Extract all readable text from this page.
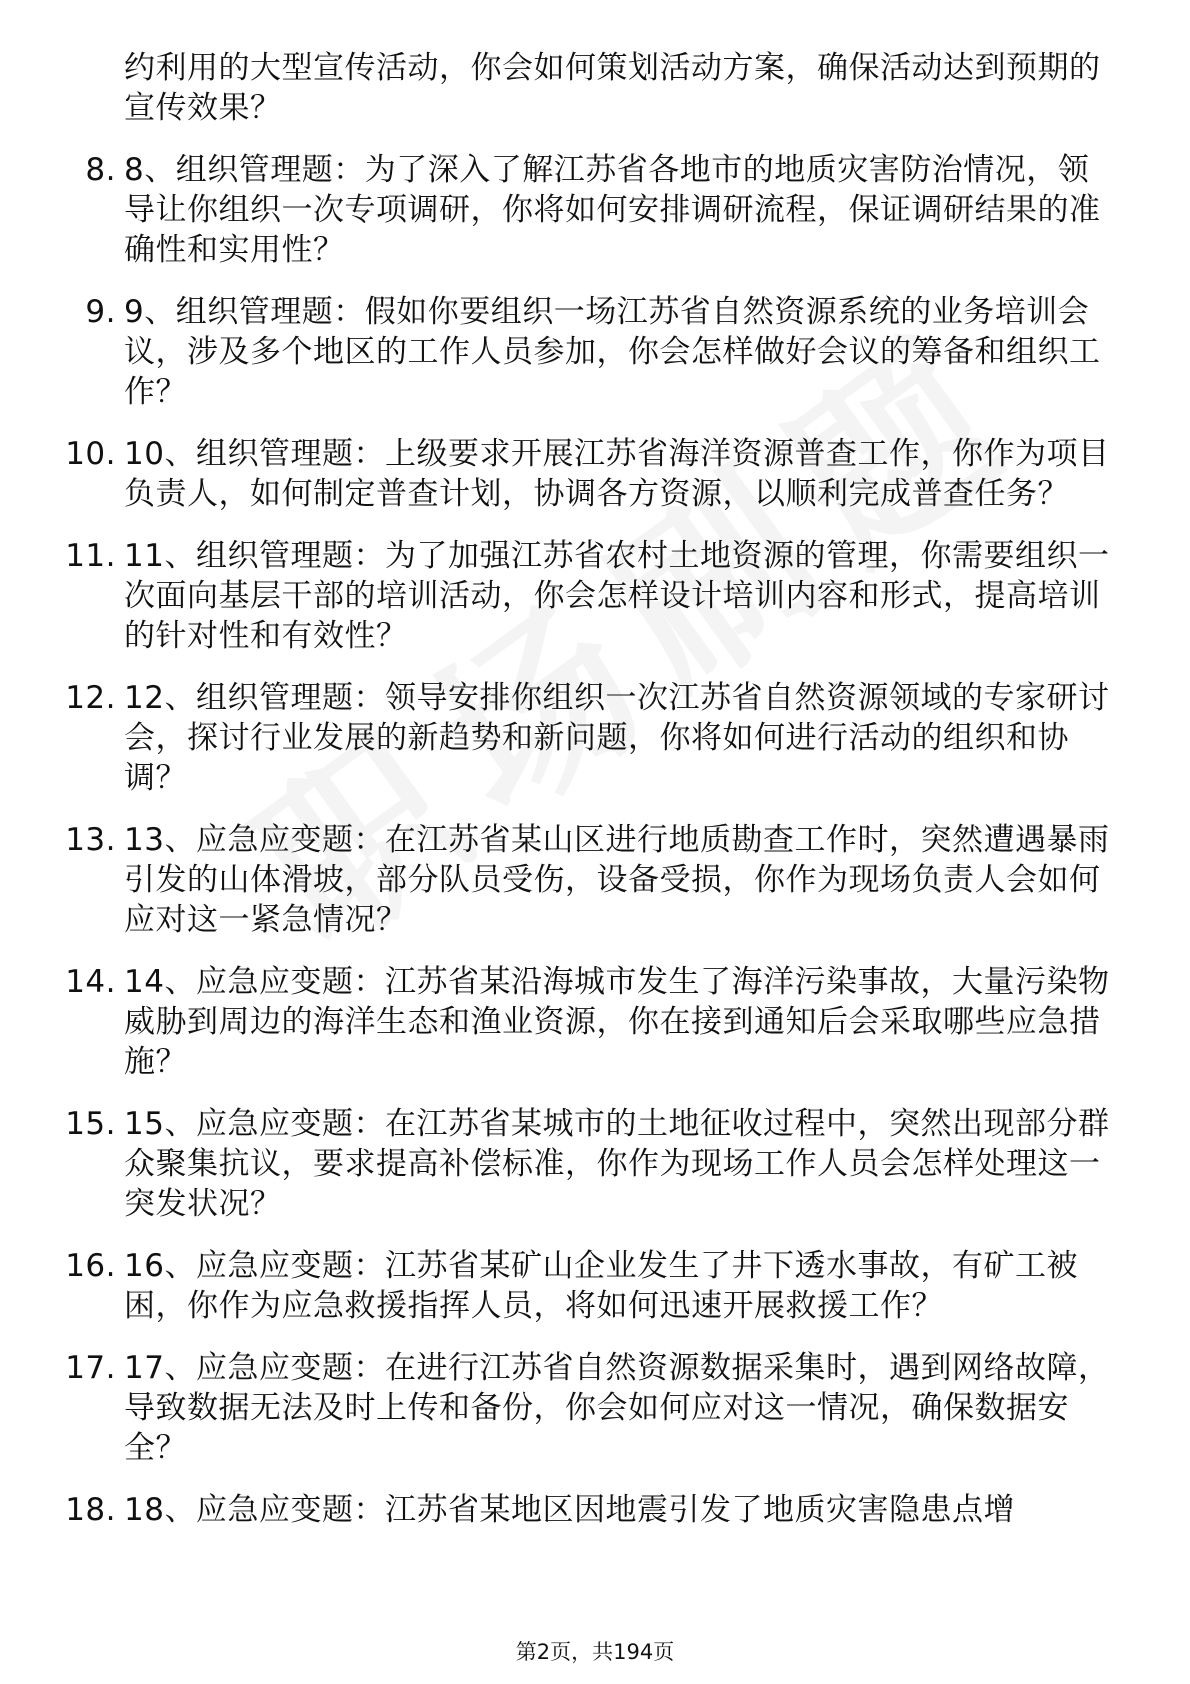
约利用的大型宣传活动，你会如何策划活动方案，确保活动达到预期的宣传效果？
8. 8、组织管理题：为了深入了解江苏省各地市的地质灾害防治情况，领导让你组织一次专项调研，你将如何安排调研流程，保证调研结果的准确性和实用性？
9. 9、组织管理题：假如你要组织一场江苏省自然资源系统的业务培训会议，涉及多个地区的工作人员参加，你会怎样做好会议的筹备和组织工作？
10. 10、组织管理题：上级要求开展江苏省海洋资源普查工作，你作为项目负责人，如何制定普查计划，协调各方资源，以顺利完成普查任务？
11. 11、组织管理题：为了加强江苏省农村土地资源的管理，你需要组织一次面向基层干部的培训活动，你会怎样设计培训内容和形式，提高培训的针对性和有效性？
12. 12、组织管理题：领导安排你组织一次江苏省自然资源领域的专家研讨会，探讨行业发展的新趋势和新问题，你将如何进行活动的组织和协调？
13. 13、应急应变题：在江苏省某山区进行地质勘查工作时，突然遭遇暴雨引发的山体滑坡，部分队员受伤，设备受损，你作为现场负责人会如何应对这一紧急情况？
14. 14、应急应变题：江苏省某沿海城市发生了海洋污染事故，大量污染物威胁到周边的海洋生态和渔业资源，你在接到通知后会采取哪些应急措施？
15. 15、应急应变题：在江苏省某城市的土地征收过程中，突然出现部分群众聚集抗议，要求提高补偿标准，你作为现场工作人员会怎样处理这一突发状况？
16. 16、应急应变题：江苏省某矿山企业发生了井下透水事故，有矿工被困，你作为应急救援指挥人员，将如何迅速开展救援工作？
17. 17、应急应变题：在进行江苏省自然资源数据采集时，遇到网络故障，导致数据无法及时上传和备份，你会如何应对这一情况，确保数据安全？
18. 18、应急应变题：江苏省某地区因地震引发了地质灾害隐患点增
第2页，共194页
